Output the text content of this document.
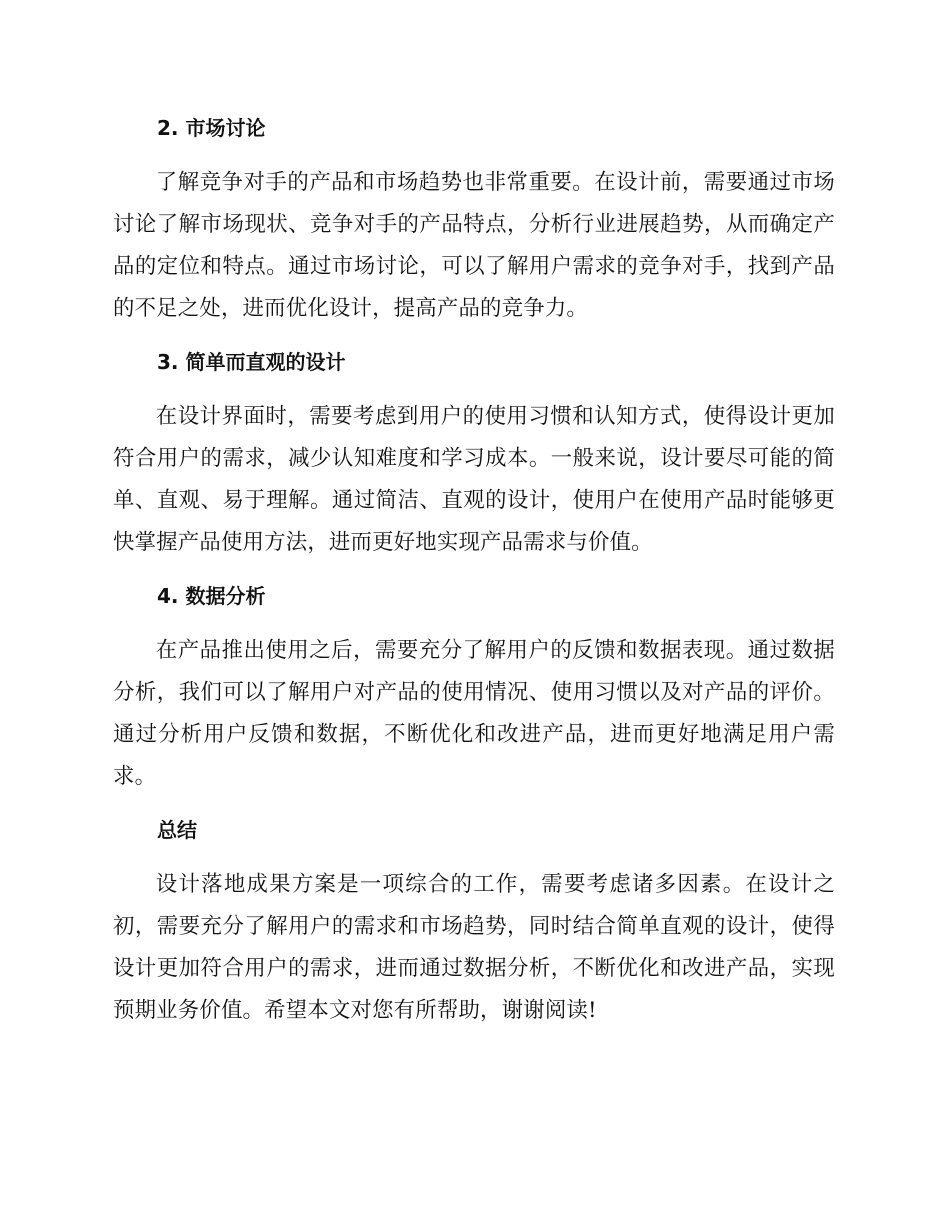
2. 市场讨论

了解竞争对手的产品和市场趋势也非常重要。在设计前，需要通过市场讨论了解市场现状、竞争对手的产品特点，分析行业进展趋势，从而确定产品的定位和特点。通过市场讨论，可以了解用户需求的竞争对手，找到产品的不足之处，进而优化设计，提高产品的竞争力。

3. 简单而直观的设计

在设计界面时，需要考虑到用户的使用习惯和认知方式，使得设计更加符合用户的需求，减少认知难度和学习成本。一般来说，设计要尽可能的简单、直观、易于理解。通过简洁、直观的设计，使用户在使用产品时能够更快掌握产品使用方法，进而更好地实现产品需求与价值。

4. 数据分析

在产品推出使用之后，需要充分了解用户的反馈和数据表现。通过数据分析，我们可以了解用户对产品的使用情况、使用习惯以及对产品的评价。通过分析用户反馈和数据，不断优化和改进产品，进而更好地满足用户需求。

总结

设计落地成果方案是一项综合的工作，需要考虑诸多因素。在设计之初，需要充分了解用户的需求和市场趋势，同时结合简单直观的设计，使得设计更加符合用户的需求，进而通过数据分析，不断优化和改进产品，实现预期业务价值。希望本文对您有所帮助，谢谢阅读!
